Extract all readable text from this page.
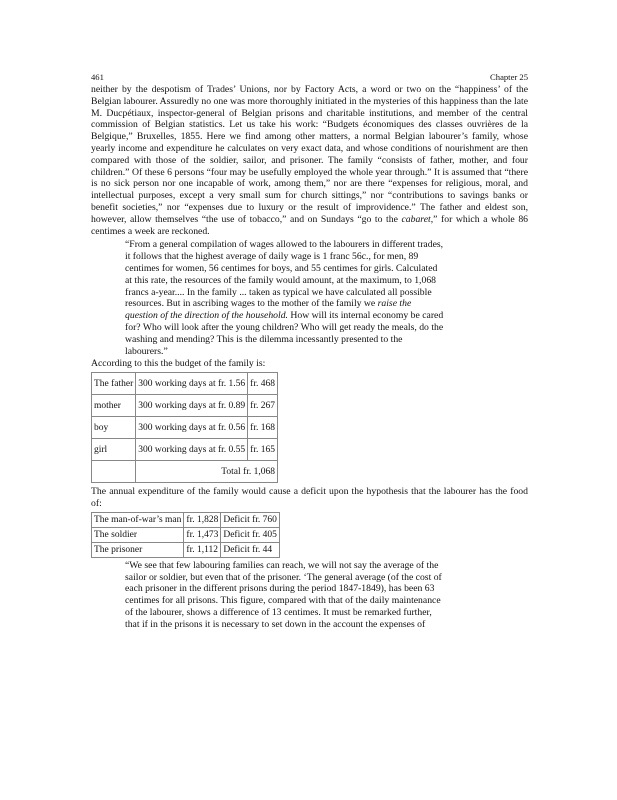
461	Chapter 25

neither by the despotism of Trades’ Unions, nor by Factory Acts, a word or two on the “happiness’ of the Belgian labourer. Assuredly no one was more thoroughly initiated in the mysteries of this happiness than the late M. Ducpétiaux, inspector-general of Belgian prisons and charitable institutions, and member of the central commission of Belgian statistics. Let us take his work: “Budgets économiques des classes ouvrières de la Belgique,” Bruxelles, 1855. Here we find among other matters, a normal Belgian labourer’s family, whose yearly income and expenditure he calculates on very exact data, and whose conditions of nourishment are then compared with those of the soldier, sailor, and prisoner. The family “consists of father, mother, and four children.” Of these 6 persons “four may be usefully employed the whole year through.” It is assumed that “there is no sick person nor one incapable of work, among them,” nor are there “expenses for religious, moral, and intellectual purposes, except a very small sum for church sittings,” nor “contributions to savings banks or benefit societies,” nor “expenses due to luxury or the result of improvidence.” The father and eldest son, however, allow themselves “the use of tobacco,” and on Sundays “go to the cabaret,” for which a whole 86 centimes a week are reckoned.

“From a general compilation of wages allowed to the labourers in different trades,

it follows that the highest average of daily wage is 1 franc 56c., for men, 89

centimes for women, 56 centimes for boys, and 55 centimes for girls. Calculated

at this rate, the resources of the family would amount, at the maximum, to 1,068

francs a-year.... In the family ... taken as typical we have calculated all possible

resources. But in ascribing wages to the mother of the family we raise the

question of the direction of the household. How will its internal economy be cared

for? Who will look after the young children? Who will get ready the meals, do the

washing and mending? This is the dilemma incessantly presented to the

labourers.”

According to this the budget of the family is:

The father	300 working days at fr. 1.56	fr. 468
mother	300 working days at fr. 0.89	fr. 267
boy	300 working days at fr. 0.56	fr. 168
girl	300 working days at fr. 0.55	fr. 165
	Total fr. 1,068	

The annual expenditure of the family would cause a deficit upon the hypothesis that the labourer has the food of:

The man-of-war’s man	fr. 1,828	Deficit fr. 760
The soldier	fr. 1,473	Deficit fr. 405
The prisoner	fr. 1,112	Deficit fr. 44

“We see that few labouring families can reach, we will not say the average of the

sailor or soldier, but even that of the prisoner. ‘The general average (of the cost of

each prisoner in the different prisons during the period 1847-1849), has been 63

centimes for all prisons. This figure, compared with that of the daily maintenance

of the labourer, shows a difference of 13 centimes. It must be remarked further,

that if in the prisons it is necessary to set down in the account the expenses of
